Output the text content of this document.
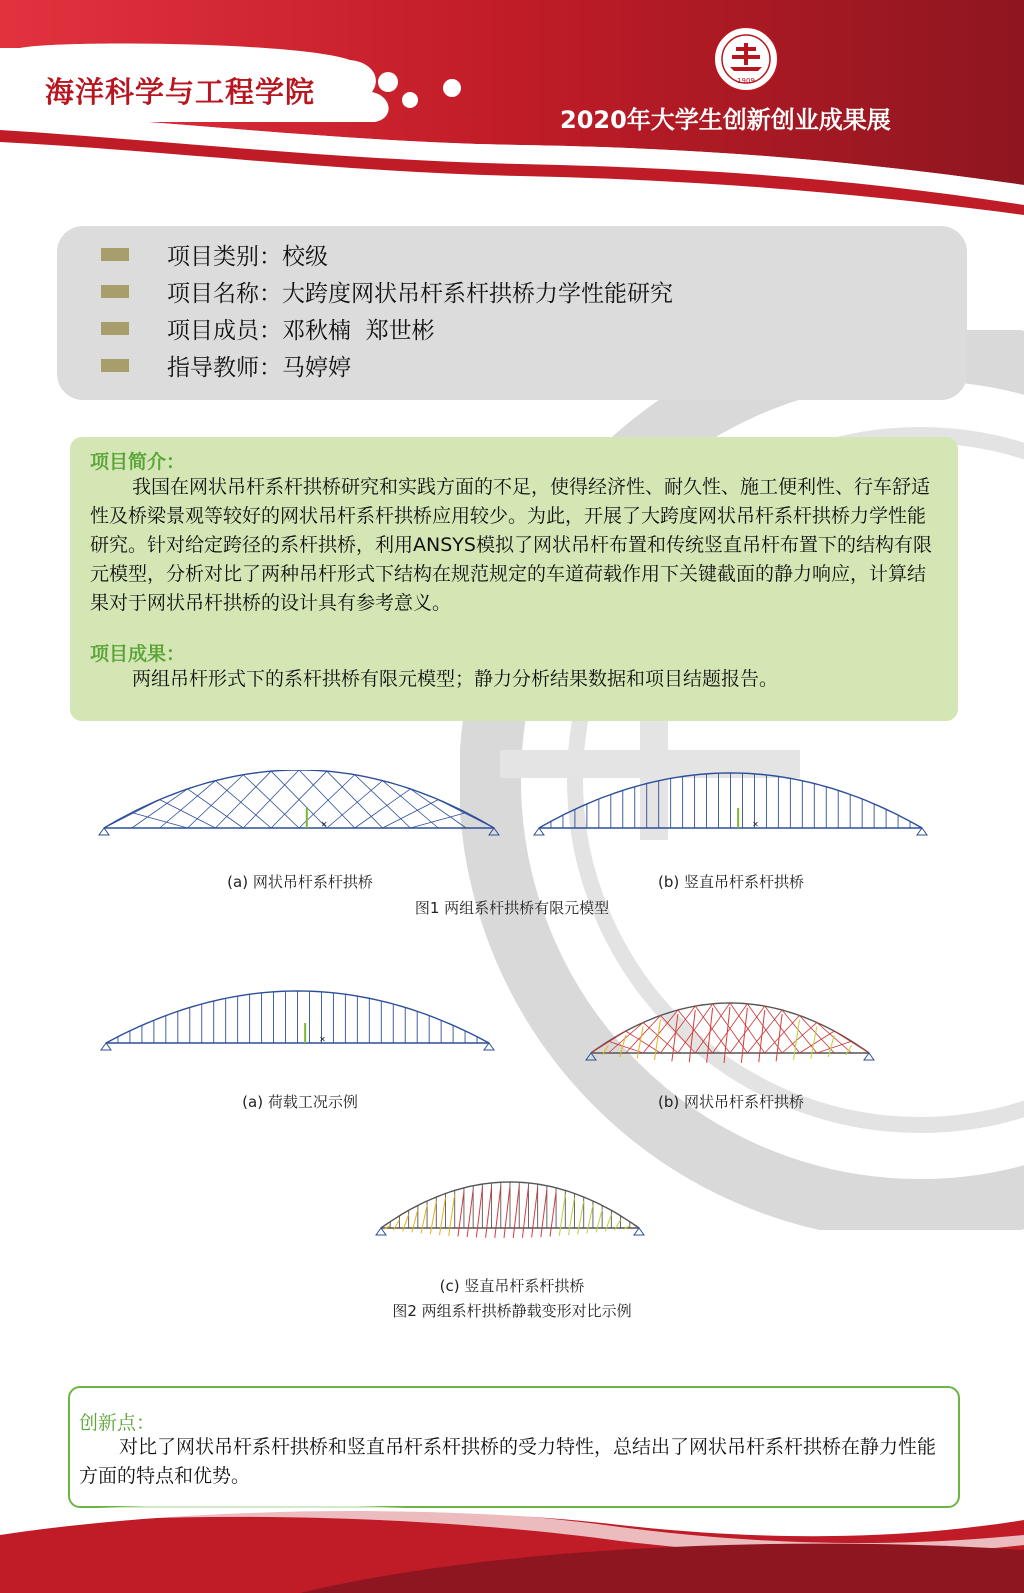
海洋科学与工程学院
2020年大学生创新创业成果展
1909
项目类别： 校级
项目名称： 大跨度网状吊杆系杆拱桥力学性能研究
项目成员： 邓秋楠  郑世彬
指导教师： 马婷婷
项目简介：
我国在网状吊杆系杆拱桥研究和实践方面的不足，使得经济性、耐久性、施工便利性、行车舒适性及桥梁景观等较好的网状吊杆系杆拱桥应用较少。为此，开展了大跨度网状吊杆系杆拱桥力学性能研究。针对给定跨径的系杆拱桥，利用ANSYS模拟了网状吊杆布置和传统竖直吊杆布置下的结构有限元模型，分析对比了两种吊杆形式下结构在规范规定的车道荷载作用下关键截面的静力响应，计算结果对于网状吊杆拱桥的设计具有参考意义。
项目成果：
两组吊杆形式下的系杆拱桥有限元模型；静力分析结果数据和项目结题报告。
✕	✕
(a) 网状吊杆系杆拱桥	(b) 竖直吊杆系杆拱桥
图1 两组系杆拱桥有限元模型
✕
(a) 荷载工况示例	(b) 网状吊杆系杆拱桥
(c) 竖直吊杆系杆拱桥
图2 两组系杆拱桥静载变形对比示例
创新点：
对比了网状吊杆系杆拱桥和竖直吊杆系杆拱桥的受力特性，总结出了网状吊杆系杆拱桥在静力性能方面的特点和优势。
